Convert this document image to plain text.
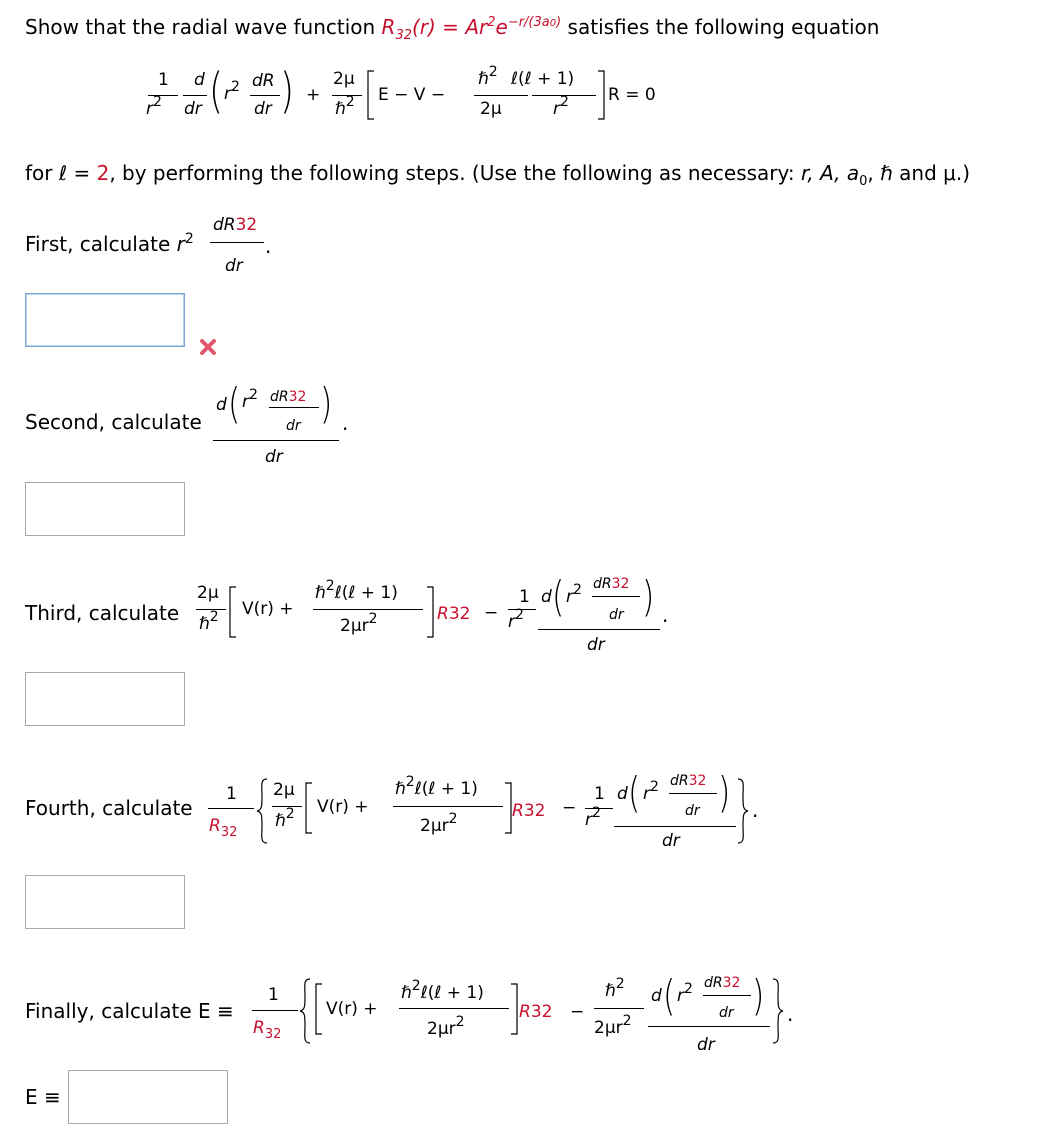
Show that the radial wave function $R_{32}(r) = Ar^2e^{-r/(3a0)}$ satisfies the following equation
1
$r^2$
d
dr ( $r^2$ dR
dr ) +
2μ
ℏ$^2$ E − V −
ℏ$^2$
2μ
ℓ(ℓ + 1)
$r^2$ R = 0
for ℓ = 2, by performing the following steps. (Use the following as necessary: r, A, $a_0$, ℏ and μ.)
First, calculate $r^2$
dR32
dr
.
Second, calculate
d ( $r^2$ dR32
dr )
dr
.
Third, calculate
2μ
ℏ$^2$ V(r) +
ℏ$^2$ℓ(ℓ + 1)
$2\mu r^2$	R32 −
1
$r^2$
d ( $r^2$ dR32
dr )
dr
.
Fourth, calculate
1
$R_{32}$
2μ
ℏ$^2$ V(r) +
ℏ$^2$ℓ(ℓ + 1)
$2\mu r^2$	R32 −
1
$r^2$
d ( $r^2$ dR32
dr )
dr
.
Finally, calculate E ≡
1
$R_{32}$
V(r) +
ℏ$^2$ℓ(ℓ + 1)
$2\mu r^2$	R32 −
ℏ$^2$
$2\mu r^2$
d ( $r^2$ dR32
dr )
dr
.
E ≡
